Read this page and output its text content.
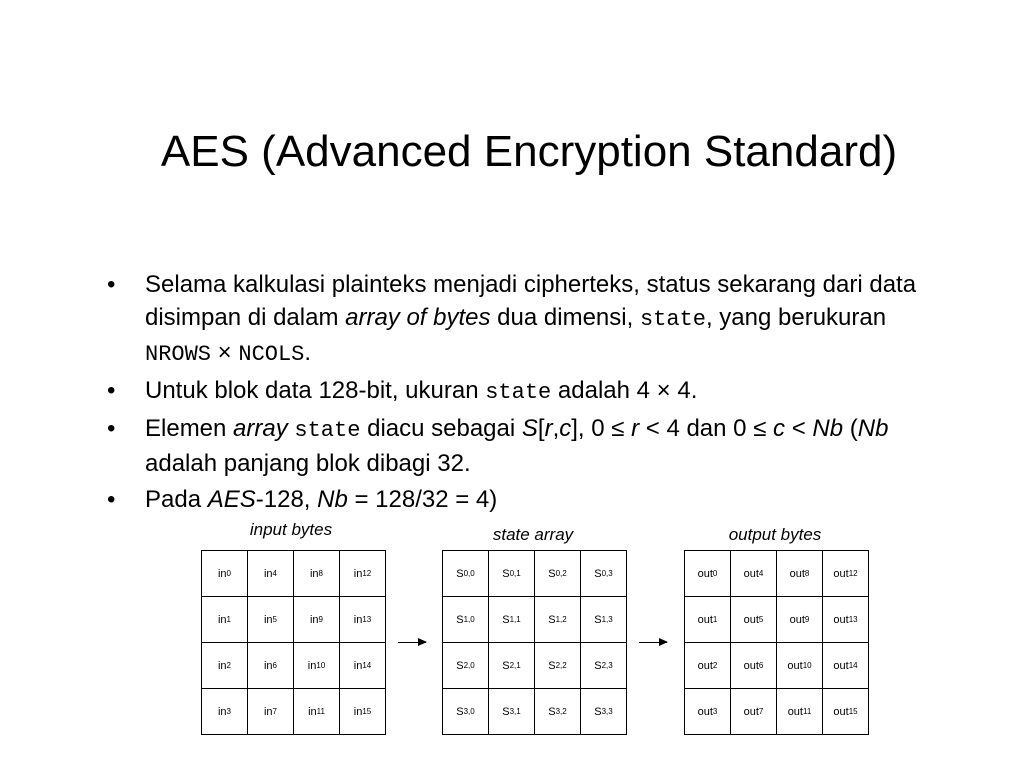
AES (Advanced Encryption Standard)
• Selama kalkulasi plainteks menjadi cipherteks, status sekarang dari data disimpan di dalam array of bytes dua dimensi, state, yang berukuran NROWS × NCOLS.
• Untuk blok data 128-bit, ukuran state adalah 4 × 4.
• Elemen array state diacu sebagai S[r,c], 0 ≤ r < 4 dan 0 ≤ c < Nb (Nb adalah panjang blok dibagi 32.
• Pada AES-128, Nb = 128/32 = 4)
input bytes
in 0	in 4	in 8	in 12
in 1	in 5	in 9	in 13
in 2	in 6	in 10	in 14
in 3	in 7	in 11	in 15
state array
S 0,0	S 0,1	S 0,2	S 0,3
S 1,0	S 1,1	S 1,2	S 1,3
S 2,0	S 2,1	S 2,2	S 2,3
S 3,0	S 3,1	S 3,2	S 3,3
output bytes
out 0 out 4 out 8 out 12
out 1 out 5 out 9 out 13
out 2 out 6 out 10 out 14
out 3 out 7 out 11 out 15
